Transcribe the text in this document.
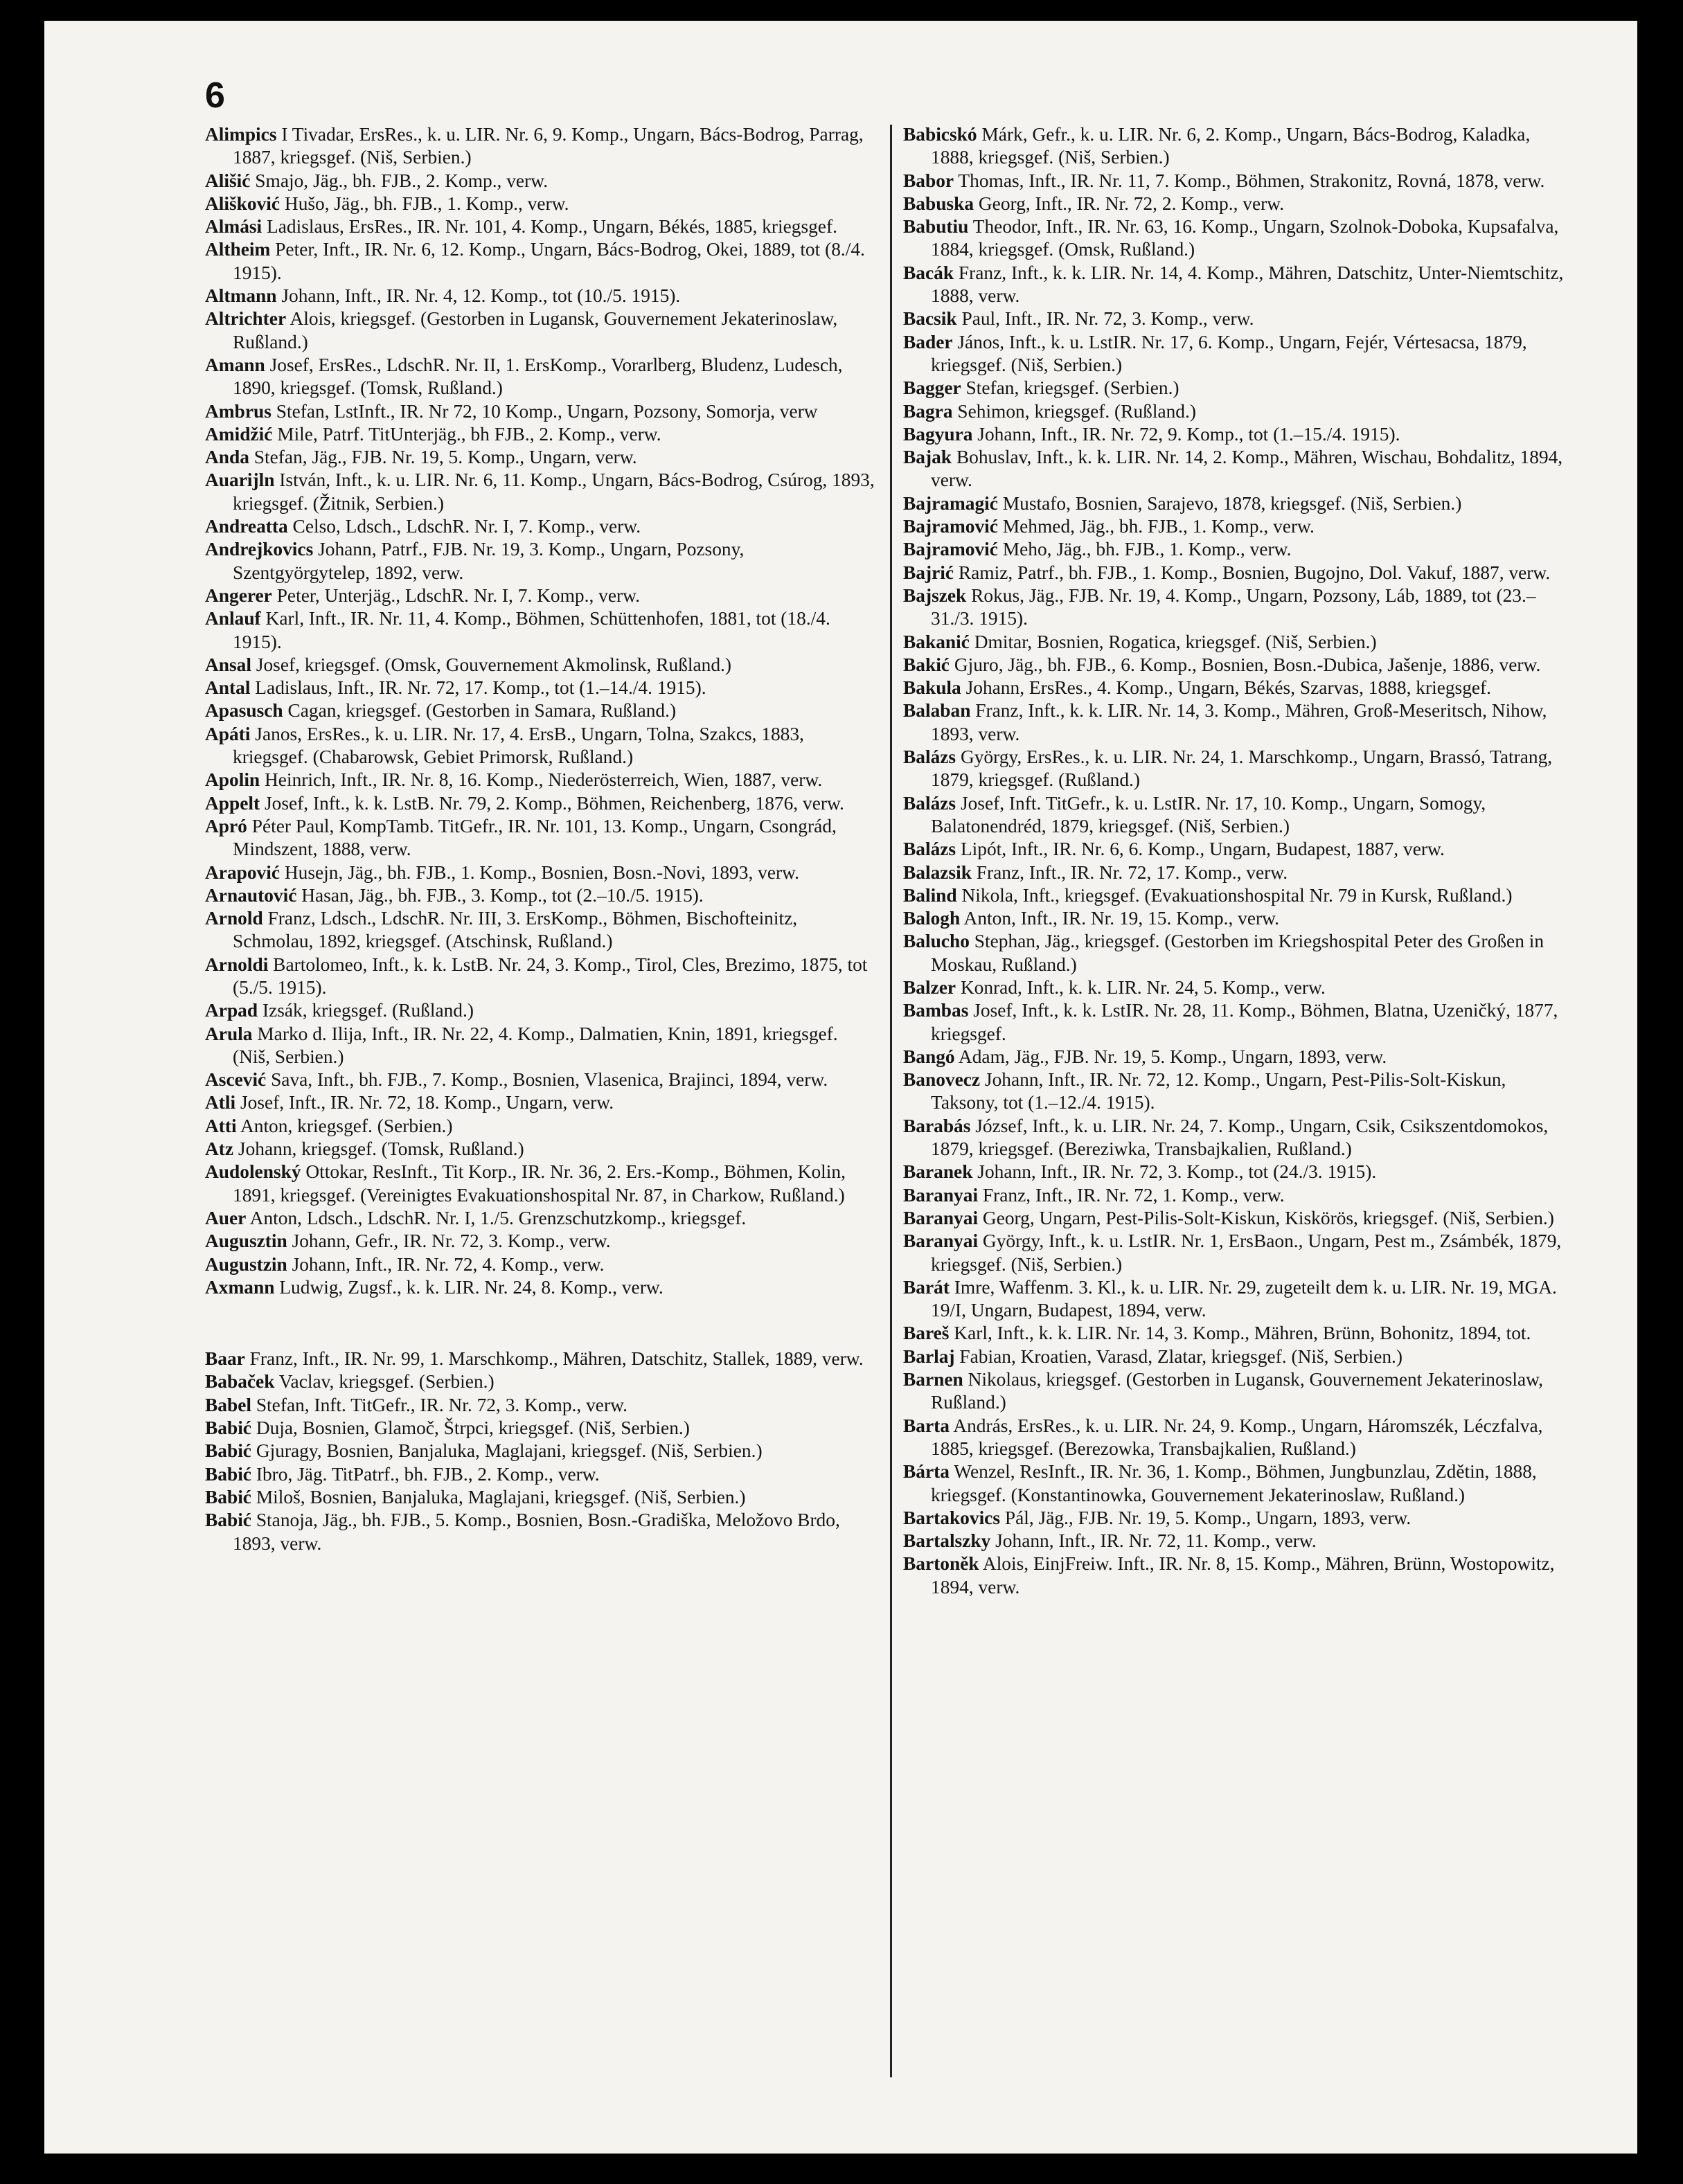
6

Alimpics I Tivadar, ErsRes., k. u. LIR. Nr. 6, 9. Komp., Ungarn, Bács-Bodrog, Parrag, 1887, kriegsgef. (Niš, Serbien.)

Ališić Smajo, Jäg., bh. FJB., 2. Komp., verw.

Ališković Hušo, Jäg., bh. FJB., 1. Komp., verw.

Almási Ladislaus, ErsRes., IR. Nr. 101, 4. Komp., Ungarn, Békés, 1885, kriegsgef.

Altheim Peter, Inft., IR. Nr. 6, 12. Komp., Ungarn, Bács-Bodrog, Okei, 1889, tot (8./4. 1915).

Altmann Johann, Inft., IR. Nr. 4, 12. Komp., tot (10./5. 1915).

Altrichter Alois, kriegsgef. (Gestorben in Lugansk, Gouvernement Jekaterinoslaw, Rußland.)

Amann Josef, ErsRes., LdschR. Nr. II, 1. ErsKomp., Vorarlberg, Bludenz, Ludesch, 1890, kriegsgef. (Tomsk, Rußland.)

Ambrus Stefan, LstInft., IR. Nr 72, 10 Komp., Ungarn, Pozsony, Somorja, verw

Amidžić Mile, Patrf. TitUnterjäg., bh FJB., 2. Komp., verw.

Anda Stefan, Jäg., FJB. Nr. 19, 5. Komp., Ungarn, verw.

Auarijln István, Inft., k. u. LIR. Nr. 6, 11. Komp., Ungarn, Bács-Bodrog, Csúrog, 1893, kriegsgef. (Žitnik, Serbien.)

Andreatta Celso, Ldsch., LdschR. Nr. I, 7. Komp., verw.

Andrejkovics Johann, Patrf., FJB. Nr. 19, 3. Komp., Ungarn, Pozsony, Szentgyörgytelep, 1892, verw.

Angerer Peter, Unterjäg., LdschR. Nr. I, 7. Komp., verw.

Anlauf Karl, Inft., IR. Nr. 11, 4. Komp., Böhmen, Schüttenhofen, 1881, tot (18./4. 1915).

Ansal Josef, kriegsgef. (Omsk, Gouvernement Akmolinsk, Rußland.)

Antal Ladislaus, Inft., IR. Nr. 72, 17. Komp., tot (1.–14./4. 1915).

Apasusch Cagan, kriegsgef. (Gestorben in Samara, Rußland.)

Apáti Janos, ErsRes., k. u. LIR. Nr. 17, 4. ErsB., Ungarn, Tolna, Szakcs, 1883, kriegsgef. (Chabarowsk, Gebiet Primorsk, Rußland.)

Apolin Heinrich, Inft., IR. Nr. 8, 16. Komp., Niederösterreich, Wien, 1887, verw.

Appelt Josef, Inft., k. k. LstB. Nr. 79, 2. Komp., Böhmen, Reichenberg, 1876, verw.

Apró Péter Paul, KompTamb. TitGefr., IR. Nr. 101, 13. Komp., Ungarn, Csongrád, Mindszent, 1888, verw.

Arapović Husejn, Jäg., bh. FJB., 1. Komp., Bosnien, Bosn.-Novi, 1893, verw.

Arnautović Hasan, Jäg., bh. FJB., 3. Komp., tot (2.–10./5. 1915).

Arnold Franz, Ldsch., LdschR. Nr. III, 3. ErsKomp., Böhmen, Bischofteinitz, Schmolau, 1892, kriegsgef. (Atschinsk, Rußland.)

Arnoldi Bartolomeo, Inft., k. k. LstB. Nr. 24, 3. Komp., Tirol, Cles, Brezimo, 1875, tot (5./5. 1915).

Arpad Izsák, kriegsgef. (Rußland.)

Arula Marko d. Ilija, Inft., IR. Nr. 22, 4. Komp., Dalmatien, Knin, 1891, kriegsgef. (Niš, Serbien.)

Ascević Sava, Inft., bh. FJB., 7. Komp., Bosnien, Vlasenica, Brajinci, 1894, verw.

Atli Josef, Inft., IR. Nr. 72, 18. Komp., Ungarn, verw.

Atti Anton, kriegsgef. (Serbien.)

Atz Johann, kriegsgef. (Tomsk, Rußland.)

Audolenský Ottokar, ResInft., Tit Korp., IR. Nr. 36, 2. Ers.-Komp., Böhmen, Kolin, 1891, kriegsgef. (Vereinigtes Evakuationshospital Nr. 87, in Charkow, Rußland.)

Auer Anton, Ldsch., LdschR. Nr. I, 1./5. Grenzschutzkomp., kriegsgef.

Augusztin Johann, Gefr., IR. Nr. 72, 3. Komp., verw.

Augustzin Johann, Inft., IR. Nr. 72, 4. Komp., verw.

Axmann Ludwig, Zugsf., k. k. LIR. Nr. 24, 8. Komp., verw.

Baar Franz, Inft., IR. Nr. 99, 1. Marschkomp., Mähren, Datschitz, Stallek, 1889, verw.

Babaček Vaclav, kriegsgef. (Serbien.)

Babel Stefan, Inft. TitGefr., IR. Nr. 72, 3. Komp., verw.

Babić Duja, Bosnien, Glamoč, Štrpci, kriegsgef. (Niš, Serbien.)

Babić Gjuragy, Bosnien, Banjaluka, Maglajani, kriegsgef. (Niš, Serbien.)

Babić Ibro, Jäg. TitPatrf., bh. FJB., 2. Komp., verw.

Babić Miloš, Bosnien, Banjaluka, Maglajani, kriegsgef. (Niš, Serbien.)

Babić Stanoja, Jäg., bh. FJB., 5. Komp., Bosnien, Bosn.-Gradiška, Meložovo Brdo, 1893, verw.

Babicskó Márk, Gefr., k. u. LIR. Nr. 6, 2. Komp., Ungarn, Bács-Bodrog, Kaladka, 1888, kriegsgef. (Niš, Serbien.)

Babor Thomas, Inft., IR. Nr. 11, 7. Komp., Böhmen, Strakonitz, Rovná, 1878, verw.

Babuska Georg, Inft., IR. Nr. 72, 2. Komp., verw.

Babutiu Theodor, Inft., IR. Nr. 63, 16. Komp., Ungarn, Szolnok-Doboka, Kupsafalva, 1884, kriegsgef. (Omsk, Rußland.)

Bacák Franz, Inft., k. k. LIR. Nr. 14, 4. Komp., Mähren, Datschitz, Unter-Niemtschitz, 1888, verw.

Bacsik Paul, Inft., IR. Nr. 72, 3. Komp., verw.

Bader János, Inft., k. u. LstIR. Nr. 17, 6. Komp., Ungarn, Fejér, Vértesacsa, 1879, kriegsgef. (Niš, Serbien.)

Bagger Stefan, kriegsgef. (Serbien.)

Bagra Sehimon, kriegsgef. (Rußland.)

Bagyura Johann, Inft., IR. Nr. 72, 9. Komp., tot (1.–15./4. 1915).

Bajak Bohuslav, Inft., k. k. LIR. Nr. 14, 2. Komp., Mähren, Wischau, Bohdalitz, 1894, verw.

Bajramagić Mustafo, Bosnien, Sarajevo, 1878, kriegsgef. (Niš, Serbien.)

Bajramović Mehmed, Jäg., bh. FJB., 1. Komp., verw.

Bajramović Meho, Jäg., bh. FJB., 1. Komp., verw.

Bajrić Ramiz, Patrf., bh. FJB., 1. Komp., Bosnien, Bugojno, Dol. Vakuf, 1887, verw.

Bajszek Rokus, Jäg., FJB. Nr. 19, 4. Komp., Ungarn, Pozsony, Láb, 1889, tot (23.–31./3. 1915).

Bakanić Dmitar, Bosnien, Rogatica, kriegsgef. (Niš, Serbien.)

Bakić Gjuro, Jäg., bh. FJB., 6. Komp., Bosnien, Bosn.-Dubica, Jašenje, 1886, verw.

Bakula Johann, ErsRes., 4. Komp., Ungarn, Békés, Szarvas, 1888, kriegsgef.

Balaban Franz, Inft., k. k. LIR. Nr. 14, 3. Komp., Mähren, Groß-Meseritsch, Nihow, 1893, verw.

Balázs György, ErsRes., k. u. LIR. Nr. 24, 1. Marschkomp., Ungarn, Brassó, Tatrang, 1879, kriegsgef. (Rußland.)

Balázs Josef, Inft. TitGefr., k. u. LstIR. Nr. 17, 10. Komp., Ungarn, Somogy, Balatonendréd, 1879, kriegsgef. (Niš, Serbien.)

Balázs Lipót, Inft., IR. Nr. 6, 6. Komp., Ungarn, Budapest, 1887, verw.

Balazsik Franz, Inft., IR. Nr. 72, 17. Komp., verw.

Balind Nikola, Inft., kriegsgef. (Evakuationshospital Nr. 79 in Kursk, Rußland.)

Balogh Anton, Inft., IR. Nr. 19, 15. Komp., verw.

Balucho Stephan, Jäg., kriegsgef. (Gestorben im Kriegshospital Peter des Großen in Moskau, Rußland.)

Balzer Konrad, Inft., k. k. LIR. Nr. 24, 5. Komp., verw.

Bambas Josef, Inft., k. k. LstIR. Nr. 28, 11. Komp., Böhmen, Blatna, Uzeničký, 1877, kriegsgef.

Bangó Adam, Jäg., FJB. Nr. 19, 5. Komp., Ungarn, 1893, verw.

Banovecz Johann, Inft., IR. Nr. 72, 12. Komp., Ungarn, Pest-Pilis-Solt-Kiskun, Taksony, tot (1.–12./4. 1915).

Barabás József, Inft., k. u. LIR. Nr. 24, 7. Komp., Ungarn, Csik, Csikszentdomokos, 1879, kriegsgef. (Bereziwka, Transbajkalien, Rußland.)

Baranek Johann, Inft., IR. Nr. 72, 3. Komp., tot (24./3. 1915).

Baranyai Franz, Inft., IR. Nr. 72, 1. Komp., verw.

Baranyai Georg, Ungarn, Pest-Pilis-Solt-Kiskun, Kiskörös, kriegsgef. (Niš, Serbien.)

Baranyai György, Inft., k. u. LstIR. Nr. 1, ErsBaon., Ungarn, Pest m., Zsámbék, 1879, kriegsgef. (Niš, Serbien.)

Barát Imre, Waffenm. 3. Kl., k. u. LIR. Nr. 29, zugeteilt dem k. u. LIR. Nr. 19, MGA. 19/I, Ungarn, Budapest, 1894, verw.

Bareš Karl, Inft., k. k. LIR. Nr. 14, 3. Komp., Mähren, Brünn, Bohonitz, 1894, tot.

Barlaj Fabian, Kroatien, Varasd, Zlatar, kriegsgef. (Niš, Serbien.)

Barnen Nikolaus, kriegsgef. (Gestorben in Lugansk, Gouvernement Jekaterinoslaw, Rußland.)

Barta András, ErsRes., k. u. LIR. Nr. 24, 9. Komp., Ungarn, Háromszék, Léczfalva, 1885, kriegsgef. (Berezowka, Transbajkalien, Rußland.)

Bárta Wenzel, ResInft., IR. Nr. 36, 1. Komp., Böhmen, Jungbunzlau, Zdětin, 1888, kriegsgef. (Konstantinowka, Gouvernement Jekaterinoslaw, Rußland.)

Bartakovics Pál, Jäg., FJB. Nr. 19, 5. Komp., Ungarn, 1893, verw.

Bartalszky Johann, Inft., IR. Nr. 72, 11. Komp., verw.

Bartoněk Alois, EinjFreiw. Inft., IR. Nr. 8, 15. Komp., Mähren, Brünn, Wostopowitz, 1894, verw.
